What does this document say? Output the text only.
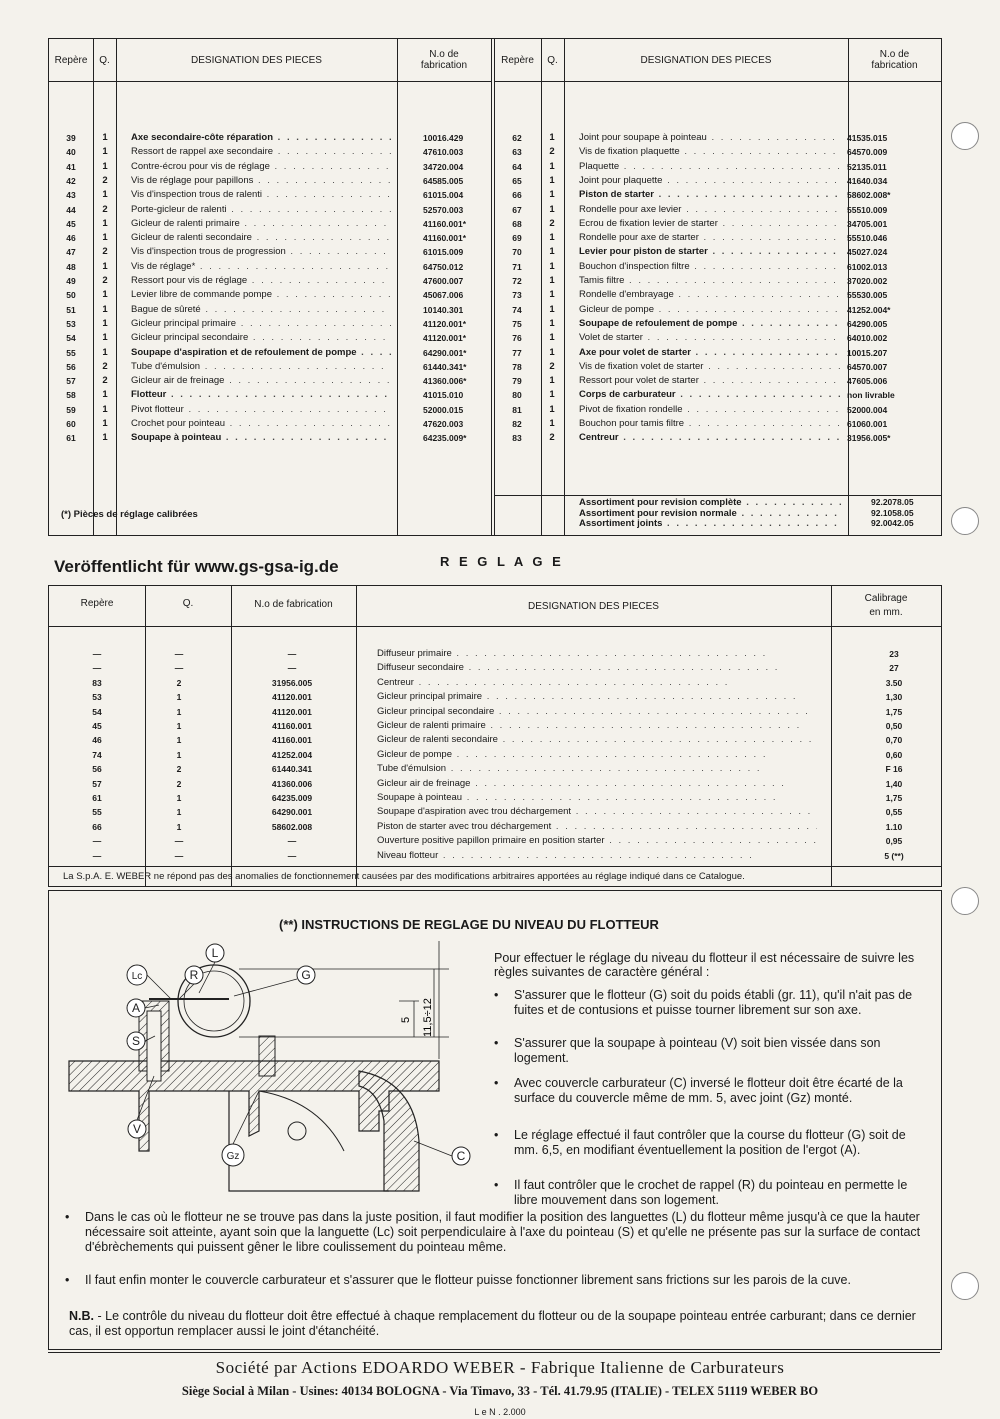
Repère	Q.	DESIGNATION DES PIECES	N.o de
fabrication	Repère	Q.	DESIGNATION DES PIECES	N.o de
fabrication
39	1	Axe secondaire-côte réparation . . .	10016.429
40	1	Ressort de rappel axe secondaire . . .	47610.003
41	1	Contre-écrou pour vis de réglage . . .	34720.004
42	2	Vis de réglage pour papillons . . .	64585.005
43	1	Vis d'inspection trous de ralenti . . .	61015.004
44	2	Porte-gicleur de ralenti . . .	52570.003
45	1	Gicleur de ralenti primaire . . .	41160.001*
46	1	Gicleur de ralenti secondaire . . .	41160.001*
47	2	Vis d'inspection trous de progression . . .	61015.009
48	1	Vis de réglage* . . .	64750.012
49	2	Ressort pour vis de réglage . . .	47600.007
50	1	Levier libre de commande pompe . . .	45067.006
51	1	Bague de sûreté . . .	10140.301
53	1	Gicleur principal primaire . . .	41120.001*
54	1	Gicleur principal secondaire . . .	41120.001*
55	1	Soupape d'aspiration et de refoulement de pompe . . .	64290.001*
56	2	Tube d'émulsion . . .	61440.341*
57	2	Gicleur air de freinage . . .	41360.006*
58	1	Flotteur . . .	41015.010
59	1	Pivot flotteur . . .	52000.015
60	1	Crochet pour pointeau . . .	47620.003
61	1	Soupape à pointeau . . .	64235.009*
62	1	Joint pour soupape à pointeau . . .	41535.015
63	2	Vis de fixation plaquette . . .	64570.009
64	1	Plaquette . . .	52135.011
65	1	Joint pour plaquette . . .	41640.034
66	1	Piston de starter . . .	58602.008*
67	1	Rondelle pour axe levier . . .	55510.009
68	2	Ecrou de fixation levier de starter . . .	34705.001
69	1	Rondelle pour axe de starter . . .	55510.046
70	1	Levier pour piston de starter . . .	45027.024
71	1	Bouchon d'inspection filtre . . .	61002.013
72	1	Tamis filtre . . .	37020.002
73	1	Rondelle d'embrayage . . .	55530.005
74	1	Gicleur de pompe . . .	41252.004*
75	1	Soupape de refoulement de pompe . . .	64290.005
76	1	Volet de starter . . .	64010.002
77	1	Axe pour volet de starter . . .	10015.207
78	2	Vis de fixation volet de starter . . .	64570.007
79	1	Ressort pour volet de starter . . .	47605.006
80	1	Corps de carburateur . . .	non livrable
81	1	Pivot de fixation rondelle . . .	52000.004
82	1	Bouchon pour tamis filtre . . .	61060.001
83	2	Centreur . . .	31956.005*
Assortiment pour revision complète . . .	92.2078.05
Assortiment pour revision normale . . .	92.1058.05
Assortiment joints . . .	92.0042.05
(*) Pièces de réglage calibrées
Veröffentlicht für www.gs-gsa-ig.de	R E G L A G E
Repère	Q.	N.o de fabrication	DESIGNATION DES PIECES
Calibrage
en mm.
—	—	—	Diffuseur primaire . . .	23
—	—	—	Diffuseur secondaire . . .	27
83	2	31956.005	Centreur . . .	3.50
53	1	41120.001	Gicleur principal primaire . . .	1,30
54	1	41120.001	Gicleur principal secondaire . . .	1,75
45	1	41160.001	Gicleur de ralenti primaire . . .	0,50
46	1	41160.001	Gicleur de ralenti secondaire . . .	0,70
74	1	41252.004	Gicleur de pompe . . .	0,60
56	2	61440.341	Tube d'émulsion . . .	F 16
57	2	41360.006	Gicleur air de freinage . . .	1,40
61	1	64235.009	Soupape à pointeau . . .	1,75
55	1	64290.001	Soupape d'aspiration avec trou déchargement . . .	0,55
66	1	58602.008	Piston de starter avec trou déchargement . . .	1.10
—	—	—	Ouverture positive papillon primaire en position starter . . .	0,95
—	—	—	Niveau flotteur . . .	5 (**)
La S.p.A. E. WEBER ne répond pas des anomalies de fonctionnement causées par des modifications arbitraires apportées au réglage indiqué dans ce Catalogue.
(**) INSTRUCTIONS DE REGLAGE DU NIVEAU DU FLOTTEUR
5 11,5÷12
L
Lc	R	G
A
S
V
Gz	C
Pour effectuer le réglage du niveau du flotteur il est nécessaire de suivre les règles suivantes de caractère général :
• S'assurer que le flotteur (G) soit du poids établi (gr. 11), qu'il n'ait pas de fuites et de contusions et puisse tourner librement sur son axe.
• S'assurer que la soupape à pointeau (V) soit bien vissée dans son logement.
• Avec couvercle carburateur (C) inversé le flotteur doit être écarté de la surface du couvercle même de mm. 5, avec joint (Gz) monté.
• Le réglage effectué il faut contrôler que la course du flotteur (G) soit de mm. 6,5, en modifiant éventuellement la position de l'ergot (A).
• Il faut contrôler que le crochet de rappel (R) du pointeau en permette le libre mouvement dans son logement.
• Dans le cas où le flotteur ne se trouve pas dans la juste position, il faut modifier la position des languettes (L) du flotteur même jusqu'à ce que la hauter nécessaire soit atteinte, ayant soin que la languette (Lc) soit perpendiculaire à l'axe du pointeau (S) et qu'elle ne présente pas sur la surface de contact d'ébrèchements qui puissent gêner le libre coulissement du pointeau même.
• Il faut enfin monter le couvercle carburateur et s'assurer que le flotteur puisse fonctionner librement sans frictions sur les parois de la cuve.
N.B. - Le contrôle du niveau du flotteur doit être effectué à chaque remplacement du flotteur ou de la soupape pointeau entrée carburant; dans ce dernier cas, il est opportun remplacer aussi le joint d'étanchéité.
Société par Actions EDOARDO WEBER - Fabrique Italienne de Carburateurs
Siège Social à Milan - Usines: 40134 BOLOGNA - Via Timavo, 33 - Tél. 41.79.95 (ITALIE) - TELEX 51119 WEBER BO
L e N . 2.000
